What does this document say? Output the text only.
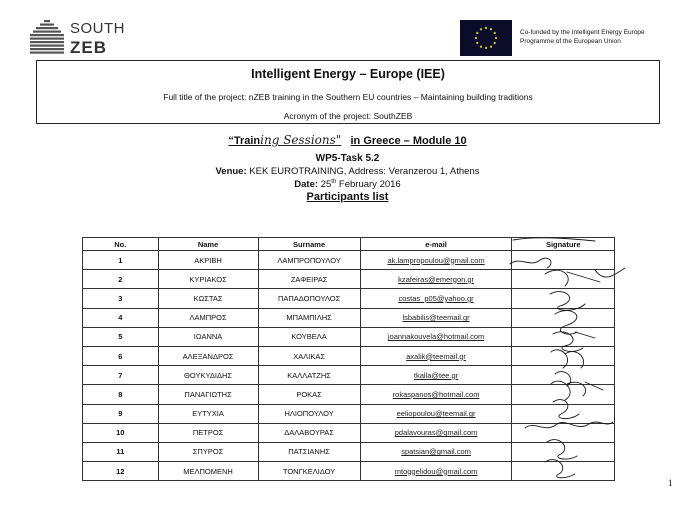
SOUTH
ZEB
Co-funded by the Intelligent Energy Europe
Programme of the European Union
Intelligent Energy – Europe (IEE)
Full title of the project: nZEB training in the Southern EU countries – Maintaining building traditions
Acronym of the project: SouthZEB
“Training Sessions" in Greece – Module 10
WP5-Task 5.2
Venue: KEK EUROTRAINING, Address: Veranzerou 1, Athens
Date: 25th February 2016
Participants list
No.	Name	Surname	e-mail	Signature
1	ΑΚΡΙΒΗ	ΛΑΜΠΡΟΠΟΥΛΟΥ	ak.lampropoulou@gmail.com	
2	ΚΥΡΙΑΚΟΣ	ΖΑΦΕΙΡΑΣ	kzafeiras@emergon.gr	
3	ΚΩΣΤΑΣ	ΠΑΠΑΔΟΠΟΥΛΟΣ	costas_p05@yahoo.gr	
4	ΛΑΜΠΡΟΣ	ΜΠΑΜΠΙΛΗΣ	lsbabilis@teemail.gr	
5	ΙΩΑΝΝΑ	ΚΟΥΒΕΛΑ	joannakouvela@hotmail.com	
6	ΑΛΕΞΑΝΔΡΟΣ	ΧΑΛΙΚΑΣ	axalik@teemail.gr	
7	ΘΟΥΚΥΔΙΔΗΣ	ΚΑΛΛΑΤΖΗΣ	tkalla@tee.gr	
8	ΠΑΝΑΓΙΩΤΗΣ	ΡΟΚΑΣ	rokaspanos@hotmail.com	
9	ΕΥΤΥΧΙΑ	ΗΛΙΟΠΟΥΛΟΥ	eeliopoulou@teemail.gr	
10	ΠΕΤΡΟΣ	ΔΑΛΑΒΟΥΡΑΣ	pdalavouras@gmail.com	
11	ΣΠΥΡΟΣ	ΠΑΤΣΙΑΝΗΣ	spatsian@gmail.com	
12	ΜΕΛΠΟΜΕΝΗ	ΤΟΝΓΚΕΛΙΔΟΥ	mtoggelidou@gmail.com	
1
